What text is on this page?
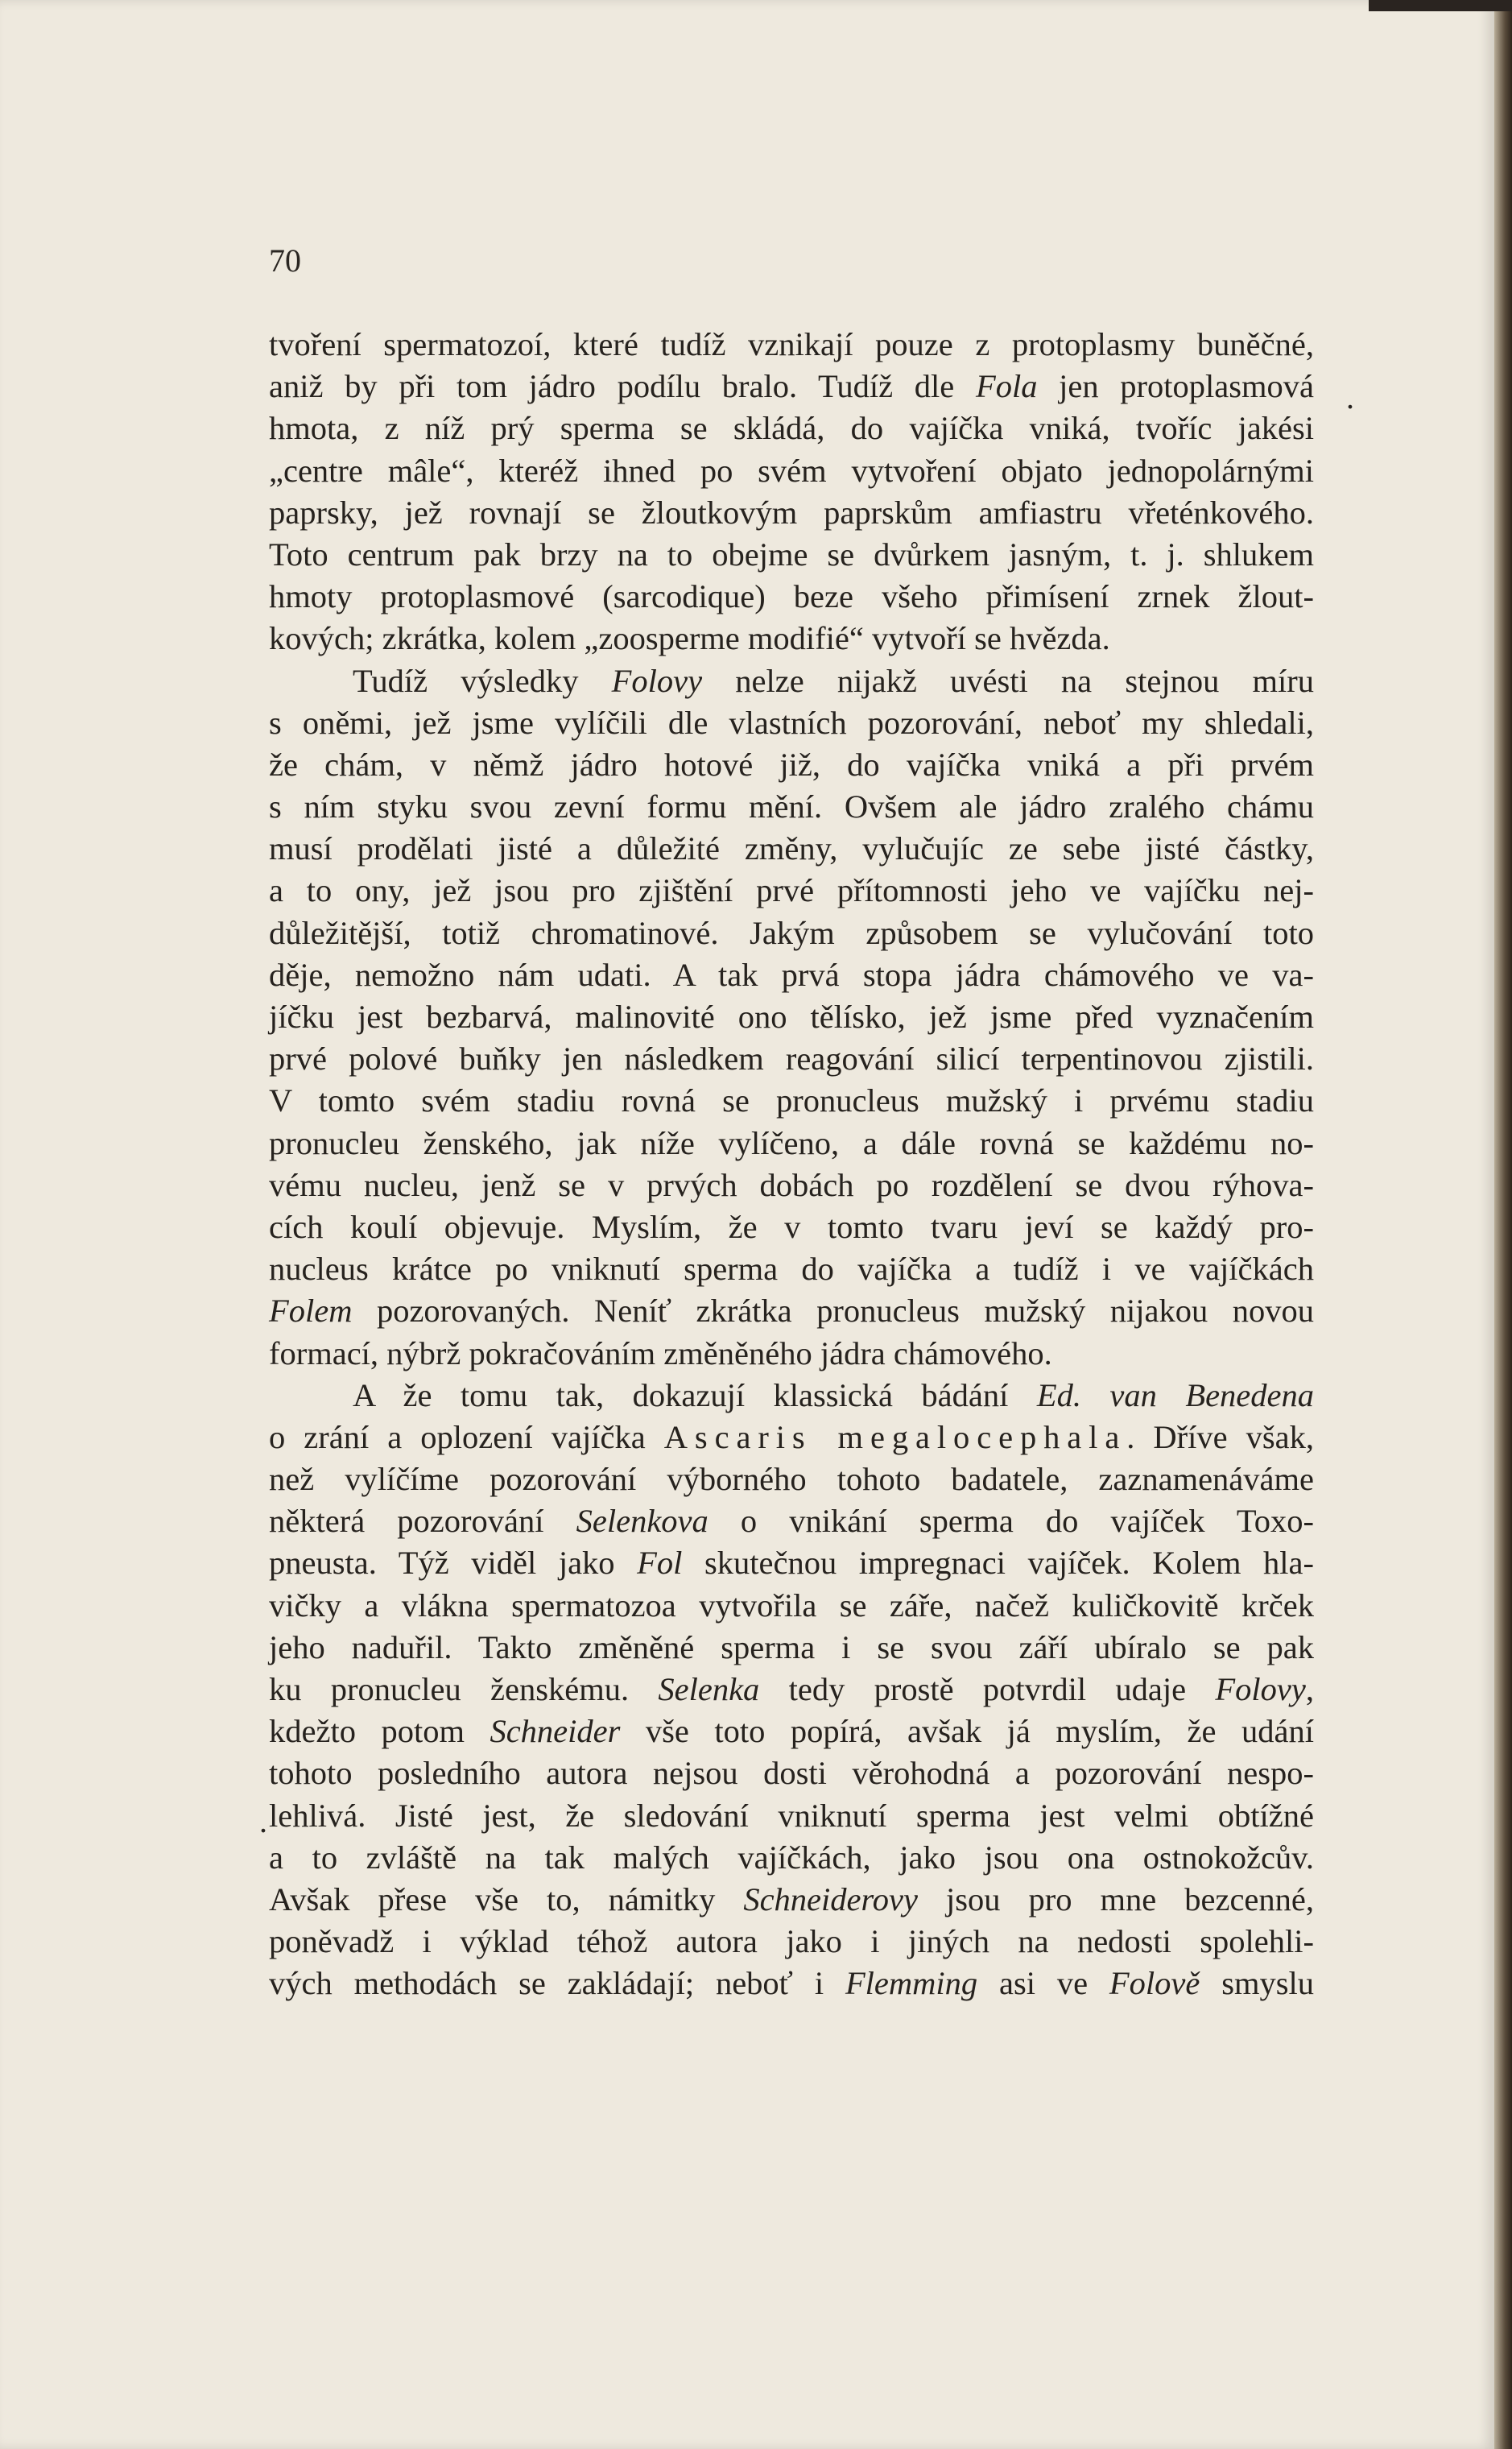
70
tvoření spermatozoí, které tudíž vznikají pouze z protoplasmy buněčné,
aniž by při tom jádro podílu bralo. Tudíž dle Fola jen protoplasmová
hmota, z níž prý sperma se skládá, do vajíčka vniká, tvoříc jakési
„centre mâle“, kteréž ihned po svém vytvoření objato jednopolárnými
paprsky, jež rovnají se žloutkovým paprskům amfiastru vřeténkového.
Toto centrum pak brzy na to obejme se dvůrkem jasným, t. j. shlukem
hmoty protoplasmové (sarcodique) beze všeho přimísení zrnek žlout-
kových; zkrátka, kolem „zoosperme modifié“ vytvoří se hvězda.
Tudíž výsledky Folovy nelze nijakž uvésti na stejnou míru
s oněmi, jež jsme vylíčili dle vlastních pozorování, neboť my shledali,
že chám, v němž jádro hotové již, do vajíčka vniká a při prvém
s ním styku svou zevní formu mění. Ovšem ale jádro zralého chámu
musí prodělati jisté a důležité změny, vylučujíc ze sebe jisté částky,
a to ony, jež jsou pro zjištění prvé přítomnosti jeho ve vajíčku nej-
důležitější, totiž chromatinové. Jakým způsobem se vylučování toto
děje, nemožno nám udati. A tak prvá stopa jádra chámového ve va-
jíčku jest bezbarvá, malinovité ono tělísko, jež jsme před vyznačením
prvé polové buňky jen následkem reagování silicí terpentinovou zjistili.
V tomto svém stadiu rovná se pronucleus mužský i prvému stadiu
pronucleu ženského, jak níže vylíčeno, a dále rovná se každému no-
vému nucleu, jenž se v prvých dobách po rozdělení se dvou rýhova-
cích koulí objevuje. Myslím, že v tomto tvaru jeví se každý pro-
nucleus krátce po vniknutí sperma do vajíčka a tudíž i ve vajíčkách
Folem pozorovaných. Neníť zkrátka pronucleus mužský nijakou novou
formací, nýbrž pokračováním změněného jádra chámového.
A že tomu tak, dokazují klassická bádání Ed. van Benedena
o zrání a oplození vajíčka Ascaris megalocephala. Dříve však,
než vylíčíme pozorování výborného tohoto badatele, zaznamenáváme
některá pozorování Selenkova o vnikání sperma do vajíček Toxo-
pneusta. Týž viděl jako Fol skutečnou impregnaci vajíček. Kolem hla-
vičky a vlákna spermatozoa vytvořila se záře, načež kuličkovitě krček
jeho naduřil. Takto změněné sperma i se svou září ubíralo se pak
ku pronucleu ženskému. Selenka tedy prostě potvrdil udaje Folovy,
kdežto potom Schneider vše toto popírá, avšak já myslím, že udání
tohoto posledního autora nejsou dosti věrohodná a pozorování nespo-
lehlivá. Jisté jest, že sledování vniknutí sperma jest velmi obtížné
a to zvláště na tak malých vajíčkách, jako jsou ona ostnokožcův.
Avšak přese vše to, námitky Schneiderovy jsou pro mne bezcenné,
poněvadž i výklad téhož autora jako i jiných na nedosti spolehli-
vých methodách se zakládají; neboť i Flemming asi ve Folově smyslu
.
.
